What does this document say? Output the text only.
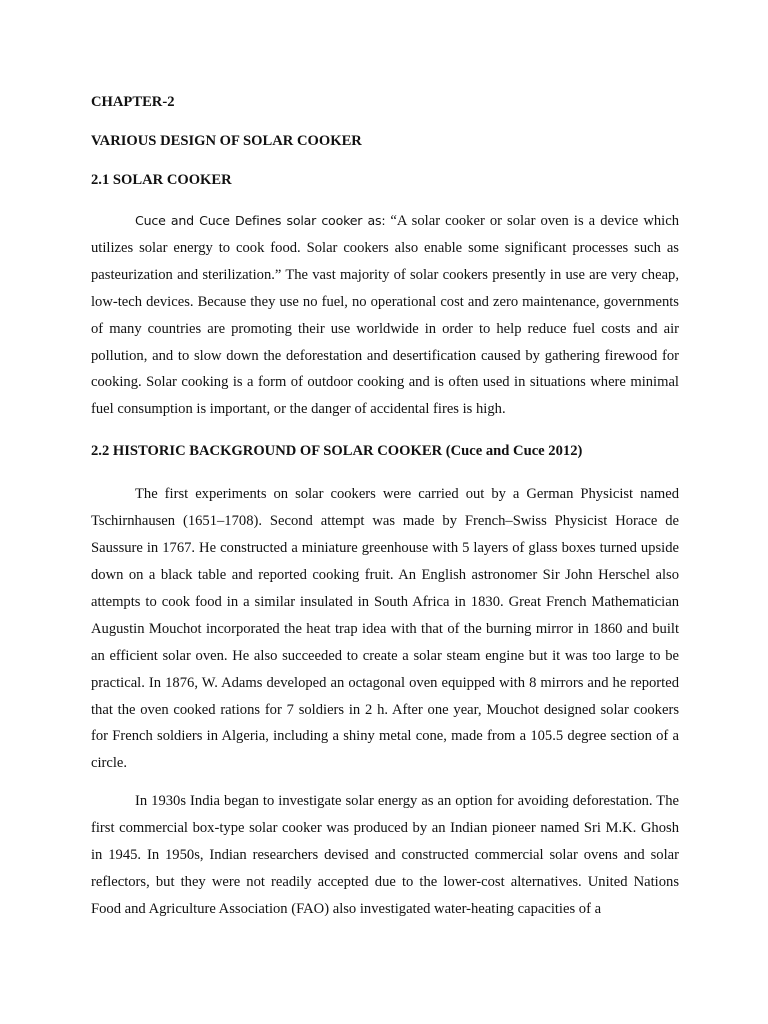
CHAPTER-2

VARIOUS DESIGN OF SOLAR COOKER

2.1 SOLAR COOKER

Cuce and Cuce Defines solar cooker as: “A solar cooker or solar oven is a device which utilizes solar energy to cook food. Solar cookers also enable some significant processes such as pasteurization and sterilization.” The vast majority of solar cookers presently in use are very cheap, low-tech devices. Because they use no fuel, no operational cost and zero maintenance, governments of many countries are promoting their use worldwide in order to help reduce fuel costs and air pollution, and to slow down the deforestation and desertification caused by gathering firewood for cooking. Solar cooking is a form of outdoor cooking and is often used in situations where minimal fuel consumption is important, or the danger of accidental fires is high.

2.2 HISTORIC BACKGROUND OF SOLAR COOKER (Cuce and Cuce 2012)

The first experiments on solar cookers were carried out by a German Physicist named Tschirnhausen (1651–1708). Second attempt was made by French–Swiss Physicist Horace de Saussure in 1767. He constructed a miniature greenhouse with 5 layers of glass boxes turned upside down on a black table and reported cooking fruit. An English astronomer Sir John Herschel also attempts to cook food in a similar insulated in South Africa in 1830. Great French Mathematician Augustin Mouchot incorporated the heat trap idea with that of the burning mirror in 1860 and built an efficient solar oven. He also succeeded to create a solar steam engine but it was too large to be practical. In 1876, W. Adams developed an octagonal oven equipped with 8 mirrors and he reported that the oven cooked rations for 7 soldiers in 2 h. After one year, Mouchot designed solar cookers for French soldiers in Algeria, including a shiny metal cone, made from a 105.5 degree section of a circle.

In 1930s India began to investigate solar energy as an option for avoiding deforestation. The first commercial box-type solar cooker was produced by an Indian pioneer named Sri M.K. Ghosh in 1945. In 1950s, Indian researchers devised and constructed commercial solar ovens and solar reflectors, but they were not readily accepted due to the lower-cost alternatives. United Nations Food and Agriculture Association (FAO) also investigated water-heating capacities of a
